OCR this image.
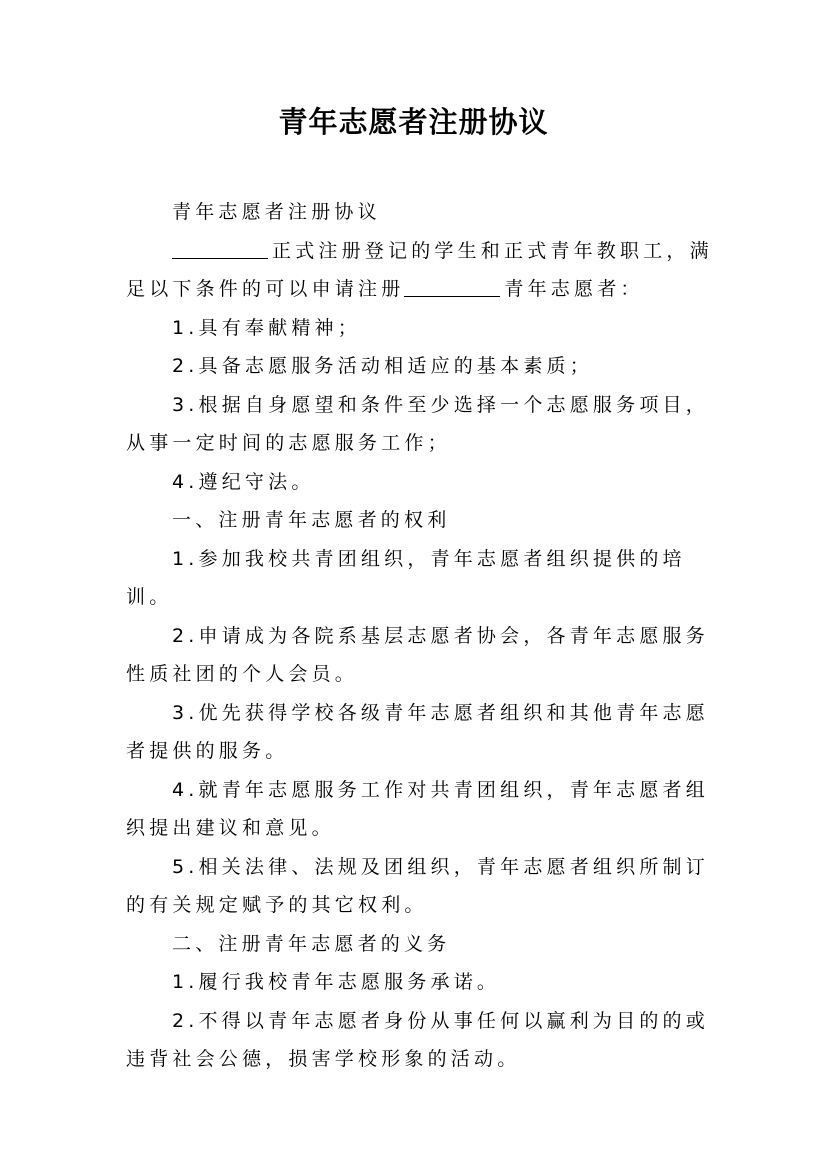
青年志愿者注册协议

青年志愿者注册协议

正式注册登记的学生和正式青年教职工，满足以下条件的可以申请注册	青年志愿者：

1.具有奉献精神；

2.具备志愿服务活动相适应的基本素质；

3.根据自身愿望和条件至少选择一个志愿服务项目，从事一定时间的志愿服务工作；

4.遵纪守法。

一、注册青年志愿者的权利

1.参加我校共青团组织，青年志愿者组织提供的培训。

2.申请成为各院系基层志愿者协会，各青年志愿服务性质社团的个人会员。

3.优先获得学校各级青年志愿者组织和其他青年志愿者提供的服务。

4.就青年志愿服务工作对共青团组织，青年志愿者组织提出建议和意见。

5.相关法律、法规及团组织，青年志愿者组织所制订的有关规定赋予的其它权利。

二、注册青年志愿者的义务

1.履行我校青年志愿服务承诺。

2.不得以青年志愿者身份从事任何以赢利为目的的或违背社会公德，损害学校形象的活动。
